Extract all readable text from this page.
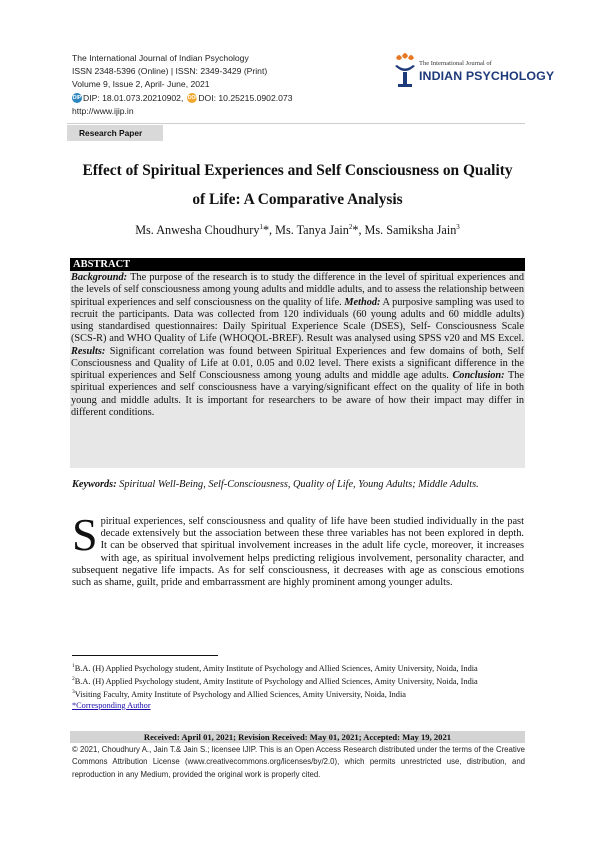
The International Journal of Indian Psychology
ISSN 2348-5396 (Online) | ISSN: 2349-3429 (Print)
Volume 9, Issue 2, April- June, 2021
DIP DIP: 18.01.073.20210902, DOI DOI: 10.25215.0902.073
http://www.ijip.in
The International Journal of
INDIAN PSYCHOLOGY
Research Paper
Effect of Spiritual Experiences and Self Consciousness on Quality
of Life: A Comparative Analysis
Ms. Anwesha Choudhury$^1$*, Ms. Tanya Jain$^2$*, Ms. Samiksha Jain$^3$
ABSTRACT
Background: The purpose of the research is to study the difference in the level of spiritual experiences and the levels of self consciousness among young adults and middle adults, and to assess the relationship between spiritual experiences and self consciousness on the quality of life. Method: A purposive sampling was used to recruit the participants. Data was collected from 120 individuals (60 young adults and 60 middle adults) using standardised questionnaires: Daily Spiritual Experience Scale (DSES), Self- Consciousness Scale (SCS-R) and WHO Quality of Life (WHOQOL-BREF). Result was analysed using SPSS v20 and MS Excel. Results: Significant correlation was found between Spiritual Experiences and few domains of both, Self Consciousness and Quality of Life at 0.01, 0.05 and 0.02 level. There exists a significant difference in the spiritual experiences and Self Consciousness among young adults and middle age adults. Conclusion: The spiritual experiences and self consciousness have a varying/significant effect on the quality of life in both young and middle adults. It is important for researchers to be aware of how their impact may differ in different conditions.
Keywords: Spiritual Well-Being, Self-Consciousness, Quality of Life, Young Adults; Middle Adults.
Spiritual experiences, self consciousness and quality of life have been studied individually in the past decade extensively but the association between these three variables has not been explored in depth. It can be observed that spiritual involvement increases in the adult life cycle, moreover, it increases with age, as spiritual involvement helps predicting religious involvement, personality character, and subsequent negative life impacts. As for self consciousness, it decreases with age as conscious emotions such as shame, guilt, pride and embarrassment are highly prominent among younger adults.

$^1$B.A. (H) Applied Psychology student, Amity Institute of Psychology and Allied Sciences, Amity University, Noida, India

$^2$B.A. (H) Applied Psychology student, Amity Institute of Psychology and Allied Sciences, Amity University, Noida, India

$^3$Visiting Faculty, Amity Institute of Psychology and Allied Sciences, Amity University, Noida, India

*Corresponding Author

Received: April 01, 2021; Revision Received: May 01, 2021; Accepted: May 19, 2021
© 2021, Choudhury A., Jain T.& Jain S.; licensee IJIP. This is an Open Access Research distributed under the terms of the Creative Commons Attribution License (www.creativecommons.org/licenses/by/2.0), which permits unrestricted use, distribution, and reproduction in any Medium, provided the original work is properly cited.
